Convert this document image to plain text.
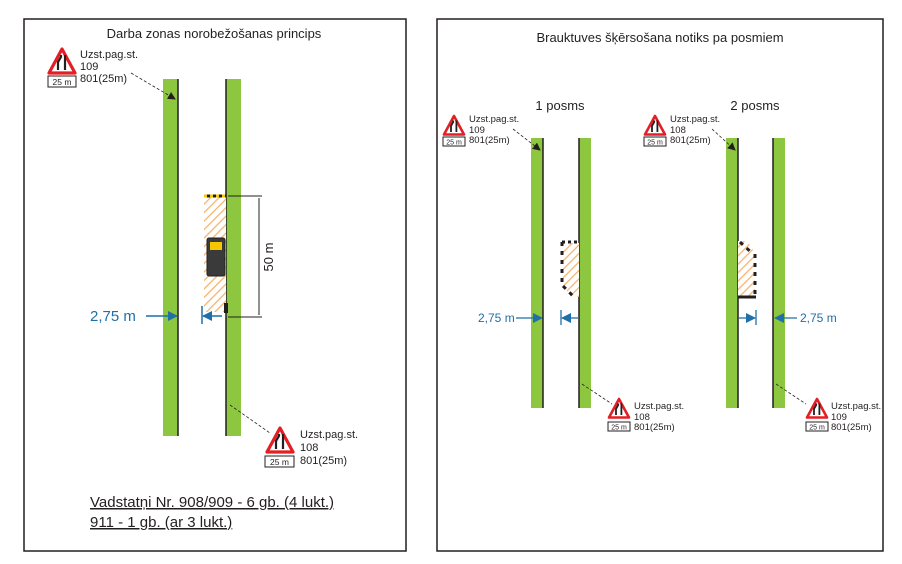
Darba zonas norobežošanas princips
50 m
2,75 m
25 m
Uzst.pag.st.
109
801(25m)
25 m
Uzst.pag.st.
108
801(25m)
Vadstatņi Nr. 908/909 - 6 gb. (4 lukt.)
911 - 1 gb. (ar 3 lukt.)
Brauktuves šķērsošana notiks pa posmiem
1 posms
2,75 m
25 m
Uzst.pag.st.
109
801(25m)
25 m
Uzst.pag.st.
108
801(25m)
2 posms
2,75 m
25 m
Uzst.pag.st.
108
801(25m)
25 m
Uzst.pag.st.
109
801(25m)
